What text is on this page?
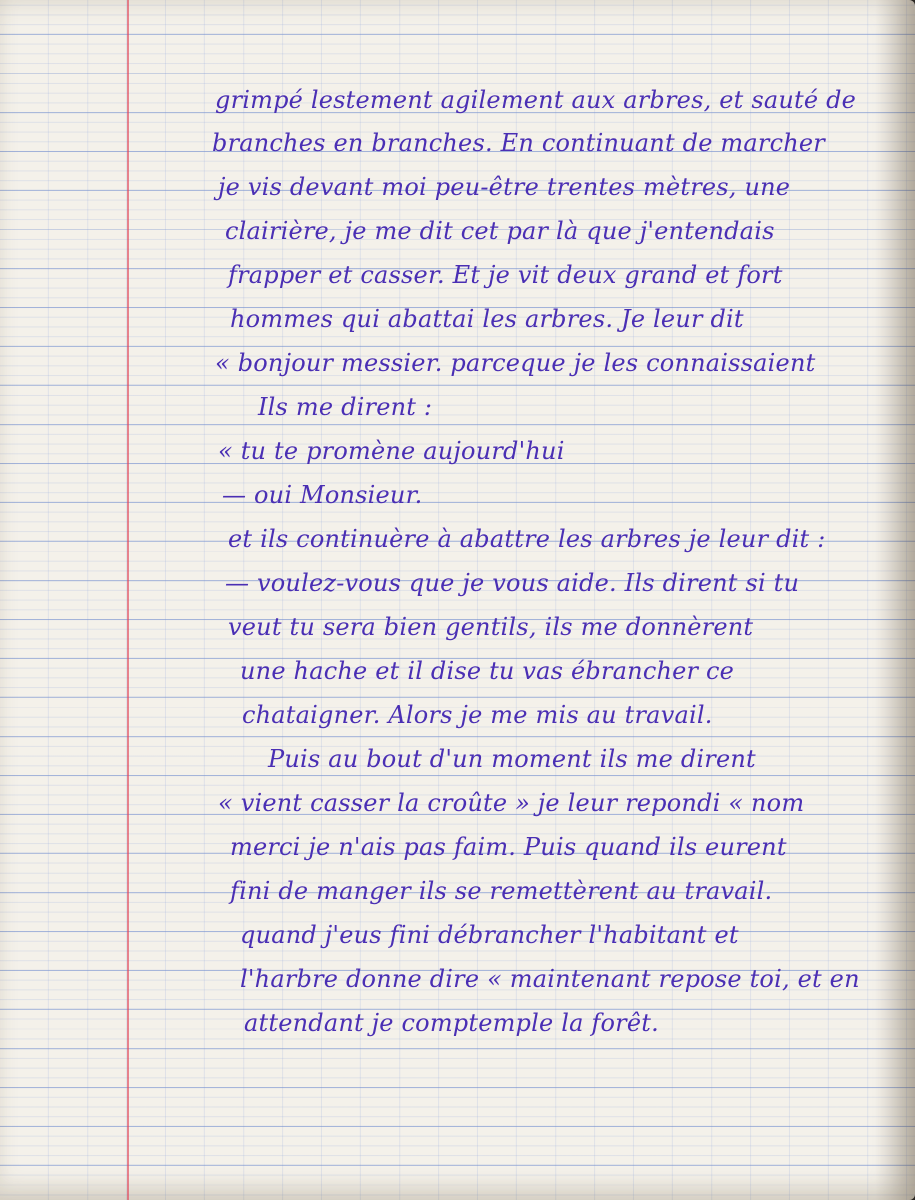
grimpé lestement agilement aux arbres, et sauté de
branches en branches. En continuant de marcher
je vis devant moi peu-être trentes mètres, une
clairière, je me dit cet par là que j'entendais
frapper et casser. Et je vit deux grand et fort
hommes qui abattai les arbres. Je leur dit
« bonjour messier. parceque je les connaissaient
Ils me dirent :
« tu te promène aujourd'hui
— oui Monsieur.
et ils continuère à abattre les arbres je leur dit :
— voulez-vous que je vous aide. Ils dirent si tu
veut tu sera bien gentils, ils me donnèrent
une hache et il dise tu vas ébrancher ce
chataigner. Alors je me mis au travail.
Puis au bout d'un moment ils me dirent
« vient casser la croûte » je leur repondi « nom
merci je n'ais pas faim. Puis quand ils eurent
fini de manger ils se remettèrent au travail.
quand j'eus fini débrancher l'habitant et
l'harbre donne dire « maintenant repose toi, et en
attendant je comptemple la forêt.
